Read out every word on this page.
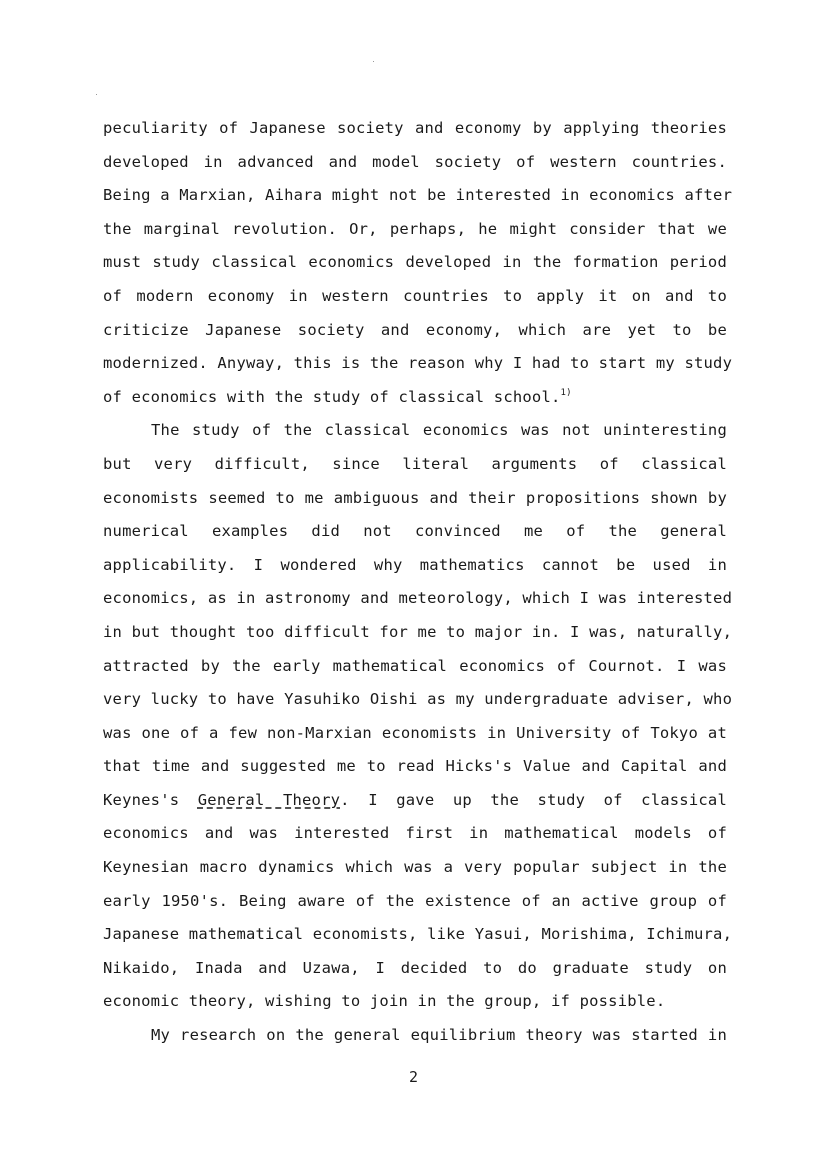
peculiarity of Japanese society and economy by applying theories
developed in advanced and model society of western countries.
Being a Marxian, Aihara might not be interested in economics after
the marginal revolution. Or, perhaps, he might consider that we
must study classical economics developed in the formation period
of modern economy in western countries to apply it on and to
criticize Japanese society and economy, which are yet to be
modernized. Anyway, this is the reason why I had to start my study
of economics with the study of classical school.$^{1)}$
The study of the classical economics was not uninteresting
but very difficult, since literal arguments of classical
economists seemed to me ambiguous and their propositions shown by
numerical examples did not convinced me of the general
applicability. I wondered why mathematics cannot be used in
economics, as in astronomy and meteorology, which I was interested
in but thought too difficult for me to major in. I was, naturally,
attracted by the early mathematical economics of Cournot. I was
very lucky to have Yasuhiko Oishi as my undergraduate adviser, who
was one of a few non-Marxian economists in University of Tokyo at
that time and suggested me to read Hicks's Value and Capital and
Keynes's General Theory. I gave up the study of classical
economics and was interested first in mathematical models of
Keynesian macro dynamics which was a very popular subject in the
early 1950's. Being aware of the existence of an active group of
Japanese mathematical economists, like Yasui, Morishima, Ichimura,
Nikaido, Inada and Uzawa, I decided to do graduate study on
economic theory, wishing to join in the group, if possible.
My research on the general equilibrium theory was started in
2
